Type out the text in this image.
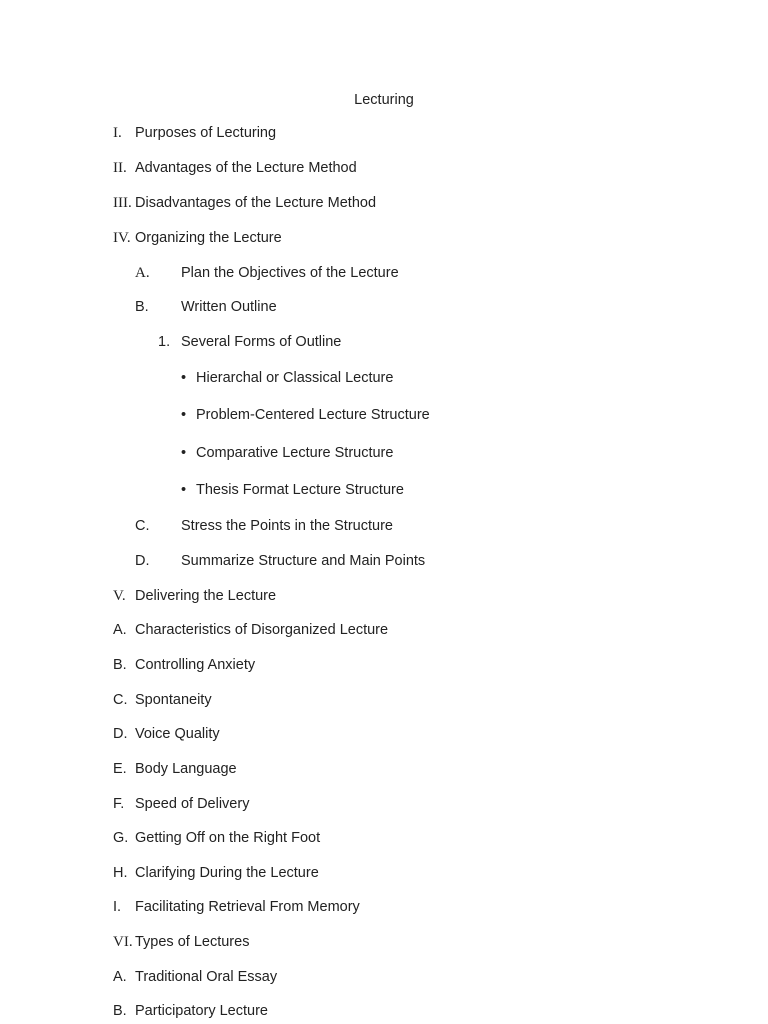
Lecturing
I. Purposes of Lecturing
II. Advantages of the Lecture Method
III. Disadvantages of the Lecture Method
IV. Organizing the Lecture
A. Plan the Objectives of the Lecture
B. Written Outline
1. Several Forms of Outline
• Hierarchal or Classical Lecture
• Problem-Centered Lecture Structure
• Comparative Lecture Structure
• Thesis Format Lecture Structure
C. Stress the Points in the Structure
D. Summarize Structure and Main Points
V. Delivering the Lecture
A. Characteristics of Disorganized Lecture
B. Controlling Anxiety
C. Spontaneity
D. Voice Quality
E. Body Language
F. Speed of Delivery
G. Getting Off on the Right Foot
H. Clarifying During the Lecture
I. Facilitating Retrieval From Memory
VI. Types of Lectures
A. Traditional Oral Essay
B. Participatory Lecture
